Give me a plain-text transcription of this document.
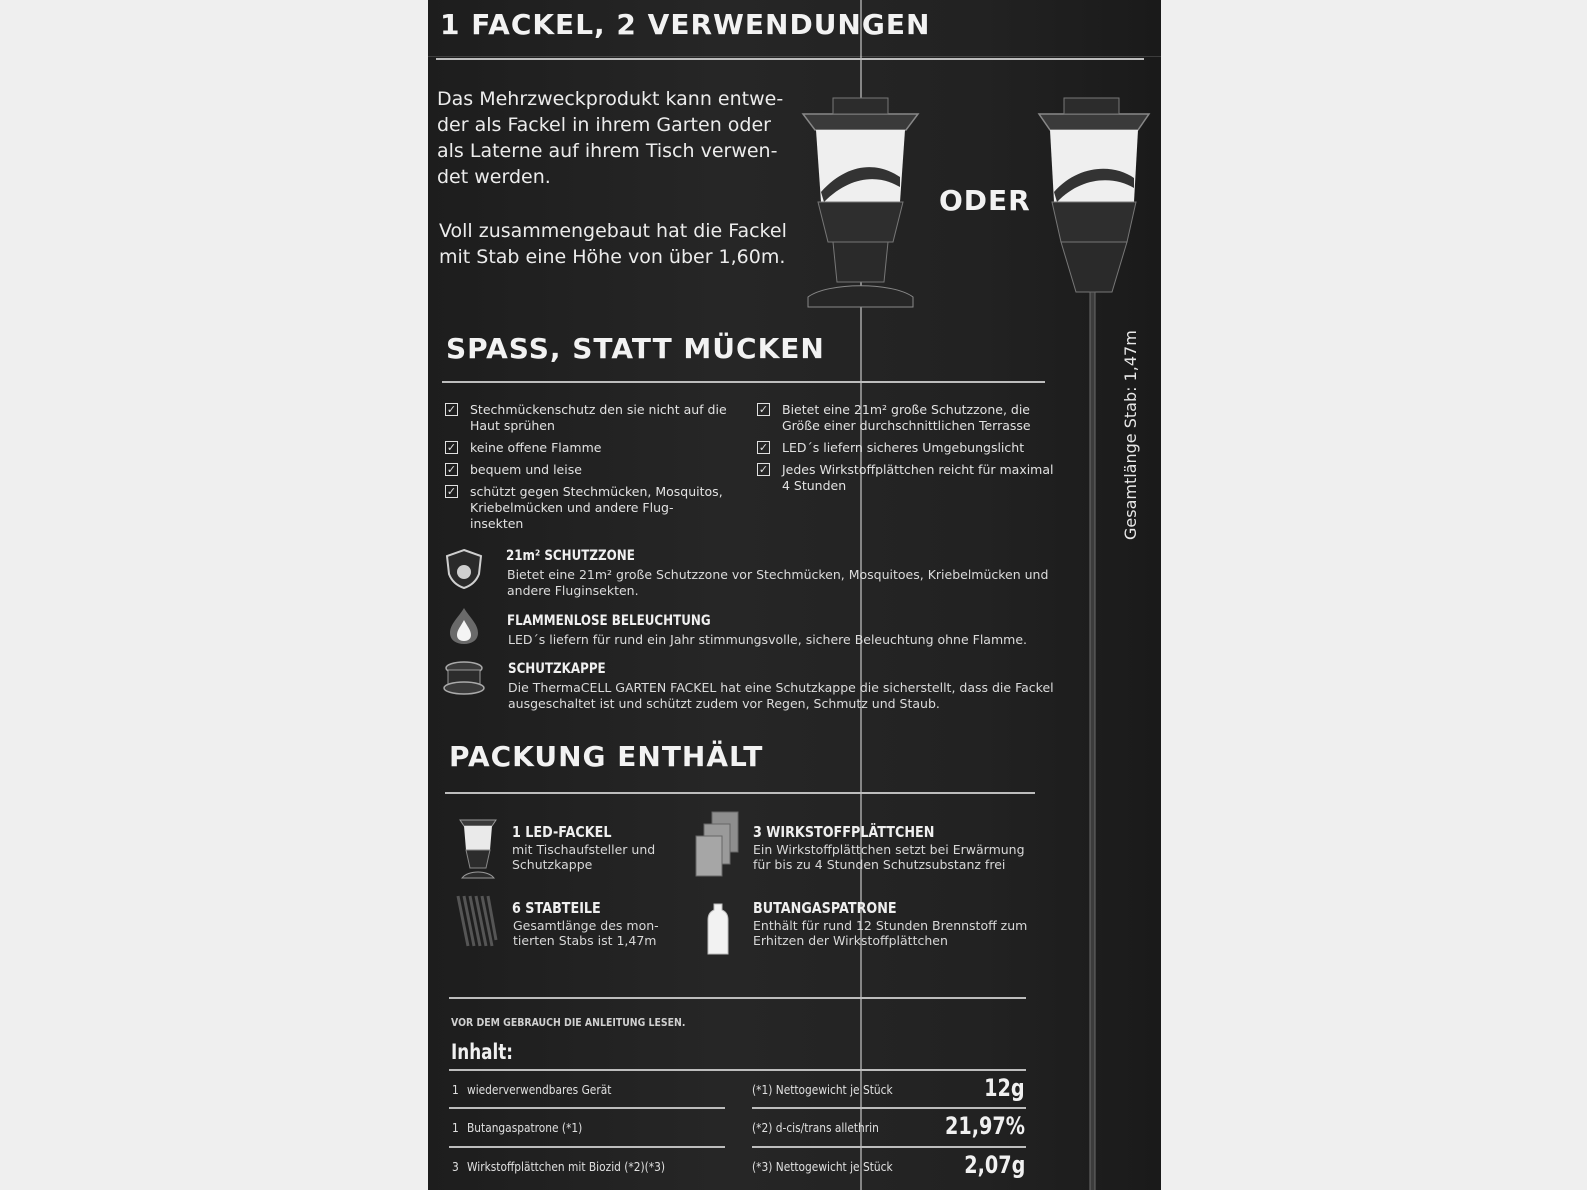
1 FACKEL, 2 VERWENDUNGEN
Das Mehrzweckprodukt kann entwe-
der als Fackel in ihrem Garten oder
als Laterne auf ihrem Tisch verwen-
det werden.
Voll zusammengebaut hat die Fackel
mit Stab eine Höhe von über 1,60m.
ODER
Gesamtlänge Stab: 1,47m
SPASS, STATT MÜCKEN
✓ Stechmückenschutz den sie nicht auf die
Haut sprühen
✓ keine offene Flamme
✓ bequem und leise
✓ schützt gegen Stechmücken, Mosquitos,
Kriebelmücken und andere Flug-
insekten
✓ Bietet eine 21m² große Schutzzone, die
Größe einer durchschnittlichen Terrasse
✓ LED´s liefern sicheres Umgebungslicht
✓ Jedes Wirkstoffplättchen reicht für maximal
4 Stunden
21m² SCHUTZZONE
Bietet eine 21m² große Schutzzone vor Stechmücken, Mosquitoes, Kriebelmücken und
andere Fluginsekten.
FLAMMENLOSE BELEUCHTUNG
LED´s liefern für rund ein Jahr stimmungsvolle, sichere Beleuchtung ohne Flamme.
SCHUTZKAPPE
Die ThermaCELL GARTEN FACKEL hat eine Schutzkappe die sicherstellt, dass die Fackel
ausgeschaltet ist und schützt zudem vor Regen, Schmutz und Staub.
PACKUNG ENTHÄLT
1 LED-FACKEL
mit Tischaufsteller und
Schutzkappe
3 WIRKSTOFFPLÄTTCHEN
Ein Wirkstoffplättchen setzt bei Erwärmung
für bis zu 4 Stunden Schutzsubstanz frei
6 STABTEILE
Gesamtlänge des mon-
tierten Stabs ist 1,47m
BUTANGASPATRONE
Enthält für rund 12 Stunden Brennstoff zum
Erhitzen der Wirkstoffplättchen
VOR DEM GEBRAUCH DIE ANLEITUNG LESEN.
Inhalt:
1 wiederverwendbares Gerät	(*1) Nettogewicht je Stück	12g
1 Butangaspatrone (*1)	(*2) d-cis/trans allethrin	21,97%
3 Wirkstoffplättchen mit Biozid (*2)(*3)	(*3) Nettogewicht je Stück	2,07g
